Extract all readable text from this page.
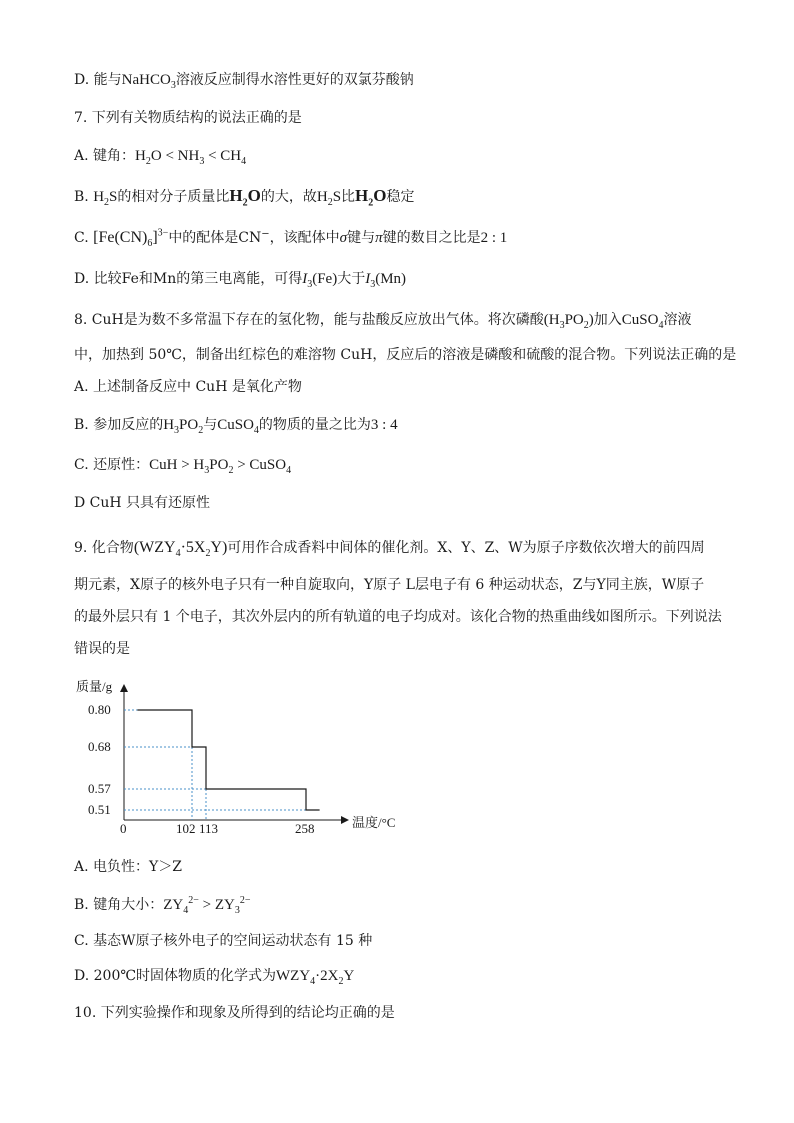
D. 能与NaHCO$_3$溶液反应制得水溶性更好的双氯芬酸钠
7. 下列有关物质结构的说法正确的是
A. 键角：$H_2O < NH_3 < CH_4$
B. $H_2S$的相对分子质量比$H_2O$的大，故$H_2S$比$H_2O$稳定
C. $[Fe(CN)_6]^{3-}$中的配体是CN−，该配体中σ键与π键的数目之比是2 : 1
D. 比较Fe和Mn的第三电离能，可得$I_3(Fe)$大于$I_3(Mn)$
8. CuH是为数不多常温下存在的氢化物，能与盐酸反应放出气体。将次磷酸$(H_3PO_2)$加入CuSO$_4$溶液
中，加热到 50℃，制备出红棕色的难溶物 CuH，反应后的溶液是磷酸和硫酸的混合物。下列说法正确的是
A. 上述制备反应中 CuH 是氧化产物
B. 参加反应的$H_3PO_2$与CuSO$_4$的物质的量之比为3 : 4
C. 还原性：CuH > $H_3PO_2$ > CuSO$_4$
D CuH 只具有还原性
9. 化合物$(WZY_4\cdot 5X_2Y)$可用作合成香料中间体的催化剂。X、Y、Z、W为原子序数依次增大的前四周
期元素，X原子的核外电子只有一种自旋取向，Y原子 L层电子有 6 种运动状态，Z与Y同主族，W原子
的最外层只有 1 个电子，其次外层内的所有轨道的电子均成对。该化合物的热重曲线如图所示。下列说法
错误的是
质量/g
温度/°C
0.80
0.68
0.57
0.51
0	102 113	258
A. 电负性：Y＞Z
B. 键角大小：$ZY_4^{2-} > ZY_3^{2-}$
C. 基态W原子核外电子的空间运动状态有 15 种
D. 200℃时固体物质的化学式为$WZY_4\cdot 2X_2Y$
10. 下列实验操作和现象及所得到的结论均正确的是
